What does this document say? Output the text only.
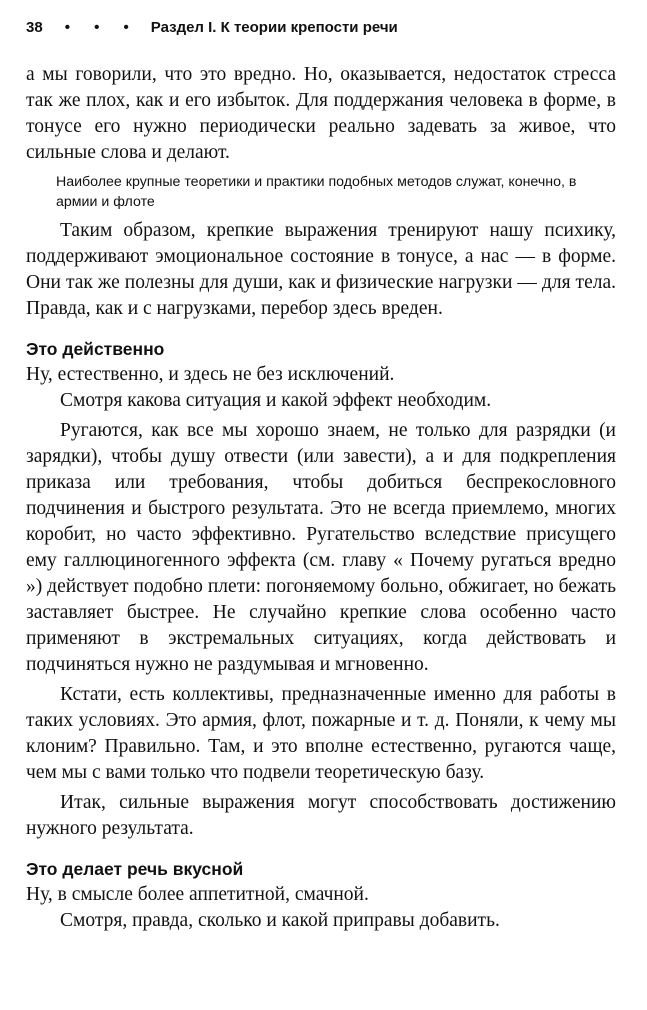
38 • • • Раздел I. К теории крепости речи

а мы говорили, что это вредно. Но, оказывается, недостаток стресса так же плох, как и его избыток. Для поддержания человека в форме, в тонусе его нужно периодически реально задевать за живое, что сильные слова и делают.

Наиболее крупные теоретики и практики подобных методов служат, конечно, в армии и флоте

Таким образом, крепкие выражения тренируют нашу психику, поддерживают эмоциональное состояние в тонусе, а нас — в форме. Они так же полезны для души, как и физические нагрузки — для тела. Правда, как и с нагрузками, перебор здесь вреден.

Это действенно

Ну, естественно, и здесь не без исключений.

Смотря какова ситуация и какой эффект необходим.

Ругаются, как все мы хорошо знаем, не только для разрядки (и зарядки), чтобы душу отвести (или завести), а и для подкрепления приказа или требования, чтобы добиться беспрекословного подчинения и быстрого результата. Это не всегда приемлемо, многих коробит, но часто эффективно. Ругательство вследствие присущего ему галлюциногенного эффекта (см. главу « Почему ругаться вредно ») действует подобно плети: погоняемому больно, обжигает, но бежать заставляет быстрее. Не случайно крепкие слова особенно часто применяют в экстремальных ситуациях, когда действовать и подчиняться нужно не раздумывая и мгновенно.

Кстати, есть коллективы, предназначенные именно для работы в таких условиях. Это армия, флот, пожарные и т. д. Поняли, к чему мы клоним? Правильно. Там, и это вполне естественно, ругаются чаще, чем мы с вами только что подвели теоретическую базу.

Итак, сильные выражения могут способствовать достижению нужного результата.

Это делает речь вкусной

Ну, в смысле более аппетитной, смачной.

Смотря, правда, сколько и какой приправы добавить.
